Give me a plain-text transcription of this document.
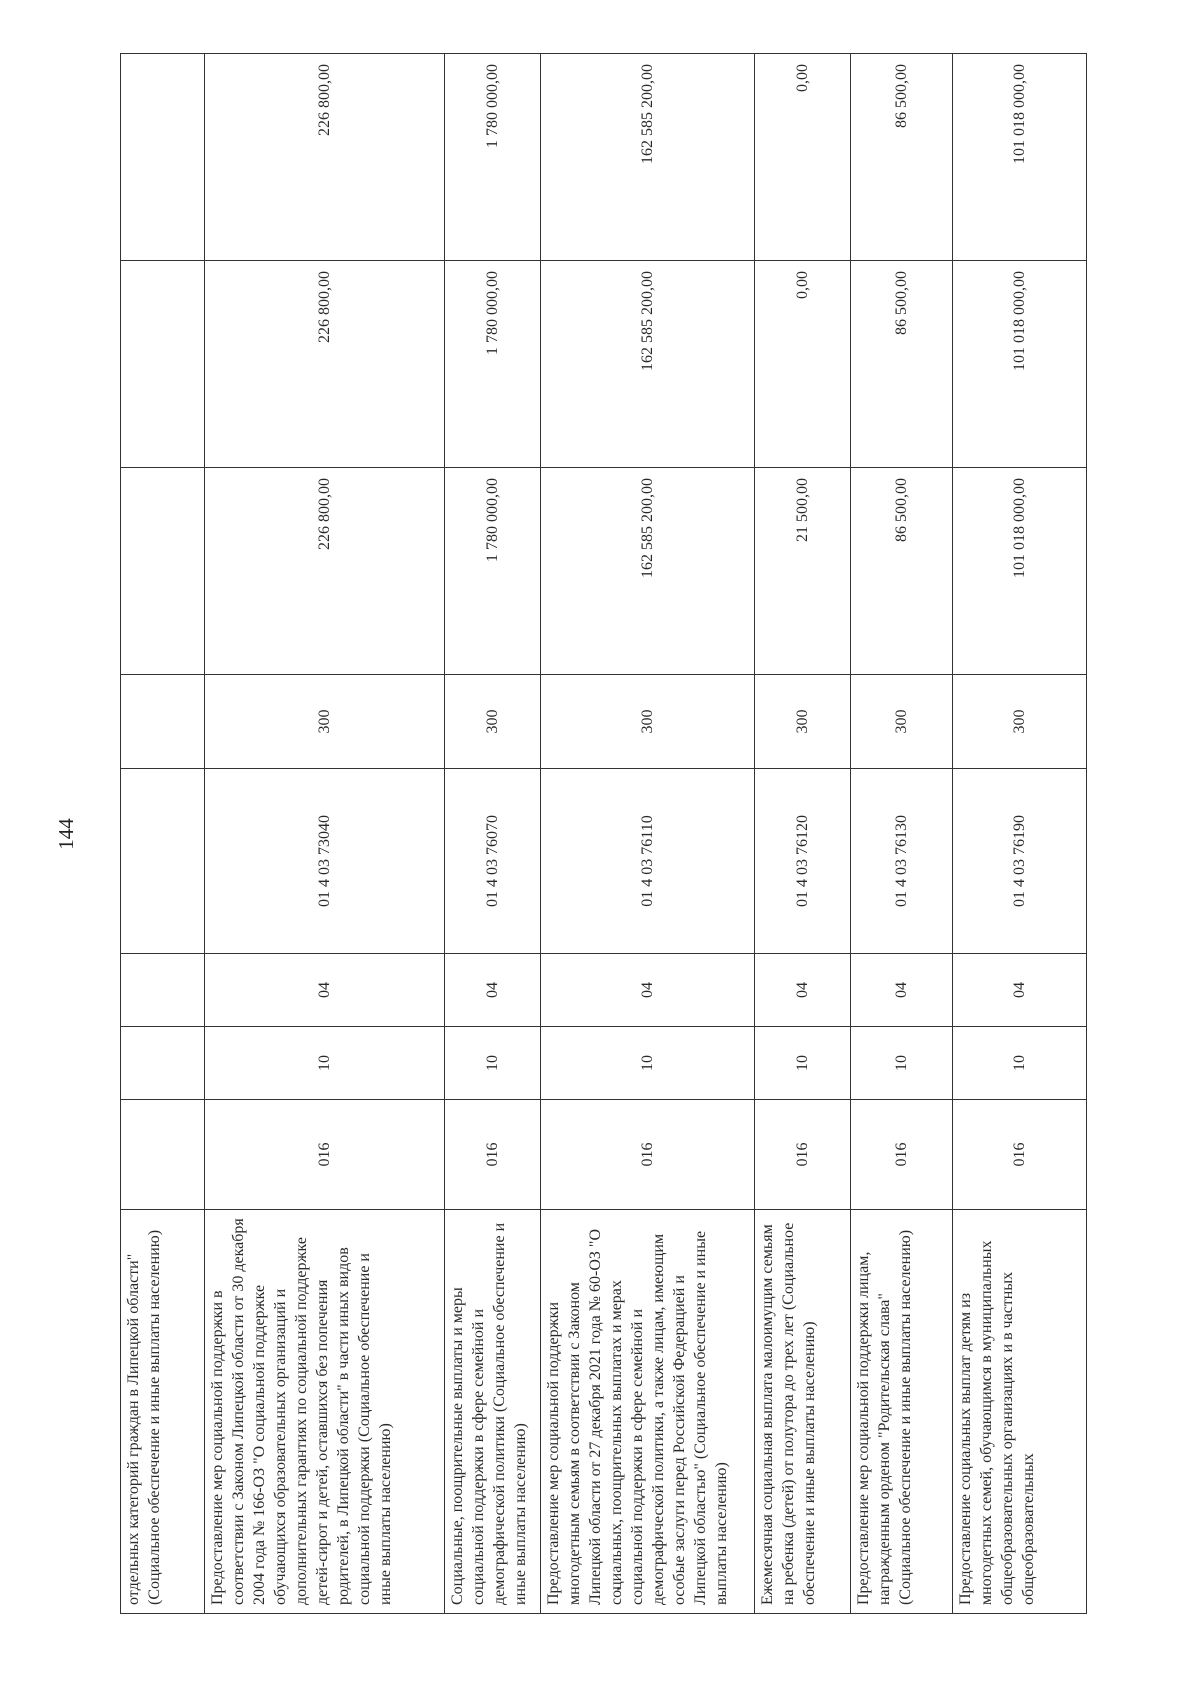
144
отдельных категорий граждан в Липецкой области" (Социальное обеспечение и иные выплаты населению)								
Предоставление мер социальной поддержки в соответствии с Законом Липецкой области от 30 декабря 2004 года № 166-ОЗ "О социальной поддержке обучающихся образовательных организаций и дополнительных гарантиях по социальной поддержке детей-сирот и детей, оставшихся без попечения родителей, в Липецкой области" в части иных видов социальной поддержки (Социальное обеспечение и иные выплаты населению)	016	10	04	01 4 03 73040	300	226 800,00	226 800,00	226 800,00
Социальные, поощрительные выплаты и меры социальной поддержки в сфере семейной и демографической политики (Социальное обеспечение и иные выплаты населению)	016	10	04	01 4 03 76070	300	1 780 000,00	1 780 000,00	1 780 000,00
Предоставление мер социальной поддержки многодетным семьям в соответствии с Законом Липецкой области от 27 декабря 2021 года № 60-ОЗ "О социальных, поощрительных выплатах и мерах социальной поддержки в сфере семейной и демографической политики, а также лицам, имеющим особые заслуги перед Российской Федерацией и Липецкой областью" (Социальное обеспечение и иные выплаты населению)	016	10	04	01 4 03 76110	300	162 585 200,00	162 585 200,00	162 585 200,00
Ежемесячная социальная выплата малоимущим семьям на ребенка (детей) от полутора до трех лет (Социальное обеспечение и иные выплаты населению)	016	10	04	01 4 03 76120	300	21 500,00	0,00	0,00
Предоставление мер социальной поддержки лицам, награжденным орденом "Родительская слава" (Социальное обеспечение и иные выплаты населению)	016	10	04	01 4 03 76130	300	86 500,00	86 500,00	86 500,00
Предоставление социальных выплат детям из многодетных семей, обучающимся в муниципальных общеобразовательных организациях и в частных общеобразовательных	016	10	04	01 4 03 76190	300	101 018 000,00	101 018 000,00	101 018 000,00
